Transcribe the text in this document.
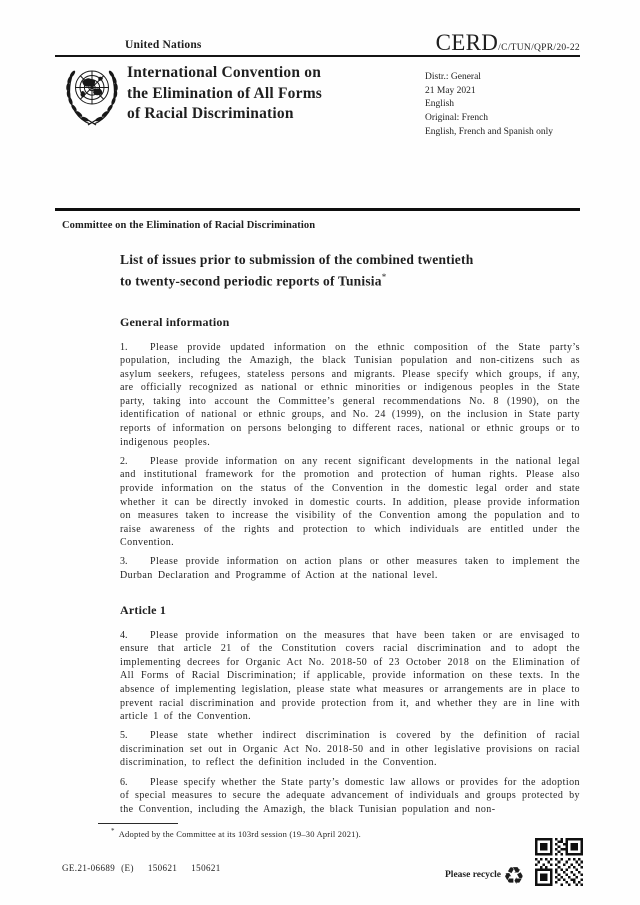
United Nations	CERD/C/TUN/QPR/20-22
International Convention on
the Elimination of All Forms
of Racial Discrimination
Distr.: General
21 May 2021
English
Original: French
English, French and Spanish only
Committee on the Elimination of Racial Discrimination
List of issues prior to submission of the combined twentieth
to twenty-second periodic reports of Tunisia*
General information

1. Please provide updated information on the ethnic composition of the State party’s population, including the Amazigh, the black Tunisian population and non-citizens such as asylum seekers, refugees, stateless persons and migrants. Please specify which groups, if any, are officially recognized as national or ethnic minorities or indigenous peoples in the State party, taking into account the Committee’s general recommendations No. 8 (1990), on the identification of national or ethnic groups, and No. 24 (1999), on the inclusion in State party reports of information on persons belonging to different races, national or ethnic groups or to indigenous peoples.

2. Please provide information on any recent significant developments in the national legal and institutional framework for the promotion and protection of human rights. Please also provide information on the status of the Convention in the domestic legal order and state whether it can be directly invoked in domestic courts. In addition, please provide information on measures taken to increase the visibility of the Convention among the population and to raise awareness of the rights and protection to which individuals are entitled under the Convention.

3. Please provide information on action plans or other measures taken to implement the Durban Declaration and Programme of Action at the national level.

Article 1

4. Please provide information on the measures that have been taken or are envisaged to ensure that article 21 of the Constitution covers racial discrimination and to adopt the implementing decrees for Organic Act No. 2018-50 of 23 October 2018 on the Elimination of All Forms of Racial Discrimination; if applicable, provide information on these texts. In the absence of implementing legislation, please state what measures or arrangements are in place to prevent racial discrimination and provide protection from it, and whether they are in line with article 1 of the Convention.

5. Please state whether indirect discrimination is covered by the definition of racial discrimination set out in Organic Act No. 2018-50 and in other legislative provisions on racial discrimination, to reflect the definition included in the Convention.

6. Please specify whether the State party’s domestic law allows or provides for the adoption of special measures to secure the adequate advancement of individuals and groups protected by the Convention, including the Amazigh, the black Tunisian population and non-

* Adopted by the Committee at its 103rd session (19–30 April 2021).
GE.21-06689 (E) 150621 150621
Please recycle♻
